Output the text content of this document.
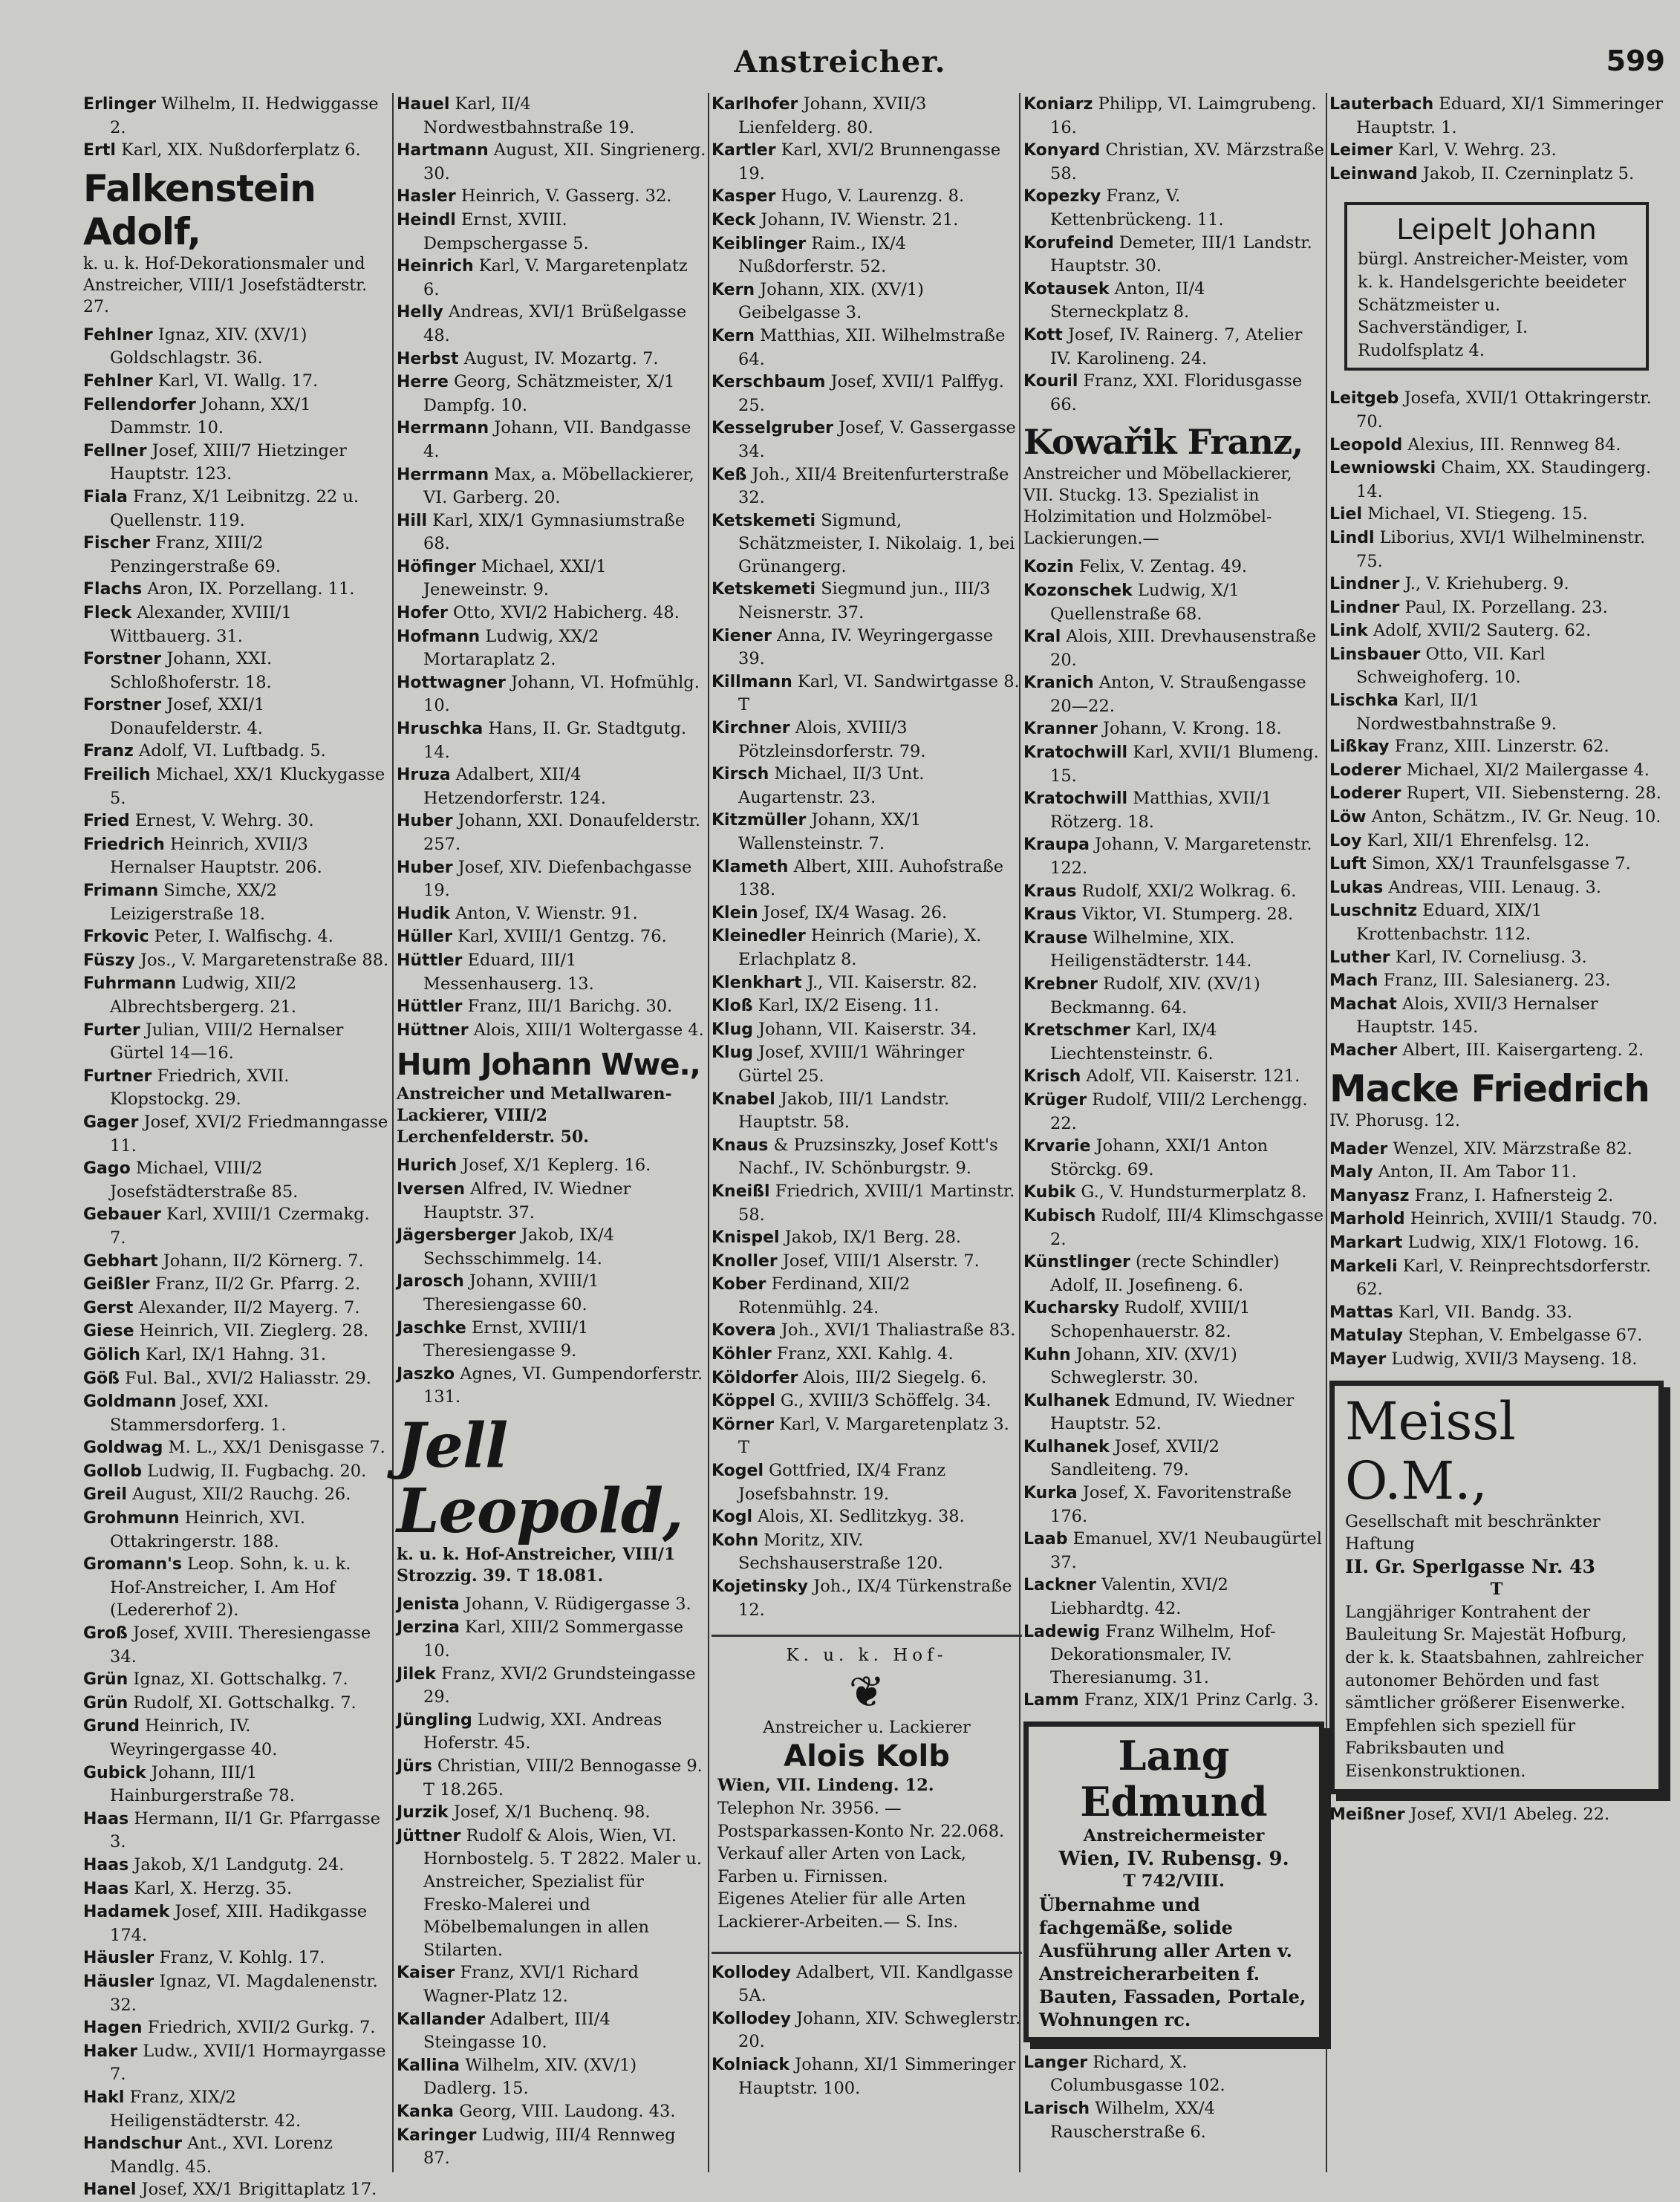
Anstreicher.	599
Erlinger Wilhelm, II. Hedwiggasse 2.
Ertl Karl, XIX. Nußdorferplatz 6.
Falkenstein Adolf,
k. u. k. Hof-Dekorationsmaler und Anstreicher, VIII/1 Josefstädterstr. 27.
Fehlner Ignaz, XIV. (XV/1) Goldschlagstr. 36.
Fehlner Karl, VI. Wallg. 17.
Fellendorfer Johann, XX/1 Dammstr. 10.
Fellner Josef, XIII/7 Hietzinger Hauptstr. 123.
Fiala Franz, X/1 Leibnitzg. 22 u. Quellenstr. 119.
Fischer Franz, XIII/2 Penzingerstraße 69.
Flachs Aron, IX. Porzellang. 11.
Fleck Alexander, XVIII/1 Wittbauerg. 31.
Forstner Johann, XXI. Schloßhoferstr. 18.
Forstner Josef, XXI/1 Donaufelderstr. 4.
Franz Adolf, VI. Luftbadg. 5.
Freilich Michael, XX/1 Kluckygasse 5.
Fried Ernest, V. Wehrg. 30.
Friedrich Heinrich, XVII/3 Hernalser Hauptstr. 206.
Frimann Simche, XX/2 Leizigerstraße 18.
Frkovic Peter, I. Walfischg. 4.
Füszy Jos., V. Margaretenstraße 88.
Fuhrmann Ludwig, XII/2 Albrechtsbergerg. 21.
Furter Julian, VIII/2 Hernalser Gürtel 14—16.
Furtner Friedrich, XVII. Klopstockg. 29.
Gager Josef, XVI/2 Friedmanngasse 11.
Gago Michael, VIII/2 Josefstädterstraße 85.
Gebauer Karl, XVIII/1 Czermakg. 7.
Gebhart Johann, II/2 Körnerg. 7.
Geißler Franz, II/2 Gr. Pfarrg. 2.
Gerst Alexander, II/2 Mayerg. 7.
Giese Heinrich, VII. Zieglerg. 28.
Gölich Karl, IX/1 Hahng. 31.
Göß Ful. Bal., XVI/2 Haliasstr. 29.
Goldmann Josef, XXI. Stammersdorferg. 1.
Goldwag M. L., XX/1 Denisgasse 7.
Gollob Ludwig, II. Fugbachg. 20.
Greil August, XII/2 Rauchg. 26.
Grohmunn Heinrich, XVI. Ottakringerstr. 188.
Gromann's Leop. Sohn, k. u. k. Hof-Anstreicher, I. Am Hof (Ledererhof 2).
Groß Josef, XVIII. Theresiengasse 34.
Grün Ignaz, XI. Gottschalkg. 7.
Grün Rudolf, XI. Gottschalkg. 7.
Grund Heinrich, IV. Weyringergasse 40.
Gubick Johann, III/1 Hainburgerstraße 78.
Haas Hermann, II/1 Gr. Pfarrgasse 3.
Haas Jakob, X/1 Landgutg. 24.
Haas Karl, X. Herzg. 35.
Hadamek Josef, XIII. Hadikgasse 174.
Häusler Franz, V. Kohlg. 17.
Häusler Ignaz, VI. Magdalenenstr. 32.
Hagen Friedrich, XVII/2 Gurkg. 7.
Haker Ludw., XVII/1 Hormayrgasse 7.
Hakl Franz, XIX/2 Heiligenstädterstr. 42.
Handschur Ant., XVI. Lorenz Mandlg. 45.
Hanel Josef, XX/1 Brigittaplatz 17.
Hauel Karl, II/4 Nordwestbahnstraße 19.
Hartmann August, XII. Singrienerg. 30.
Hasler Heinrich, V. Gasserg. 32.
Heindl Ernst, XVIII. Dempschergasse 5.
Heinrich Karl, V. Margaretenplatz 6.
Helly Andreas, XVI/1 Brüßelgasse 48.
Herbst August, IV. Mozartg. 7.
Herre Georg, Schätzmeister, X/1 Dampfg. 10.
Herrmann Johann, VII. Bandgasse 4.
Herrmann Max, a. Möbellackierer, VI. Garberg. 20.
Hill Karl, XIX/1 Gymnasiumstraße 68.
Höfinger Michael, XXI/1 Jeneweinstr. 9.
Hofer Otto, XVI/2 Habicherg. 48.
Hofmann Ludwig, XX/2 Mortaraplatz 2.
Hottwagner Johann, VI. Hofmühlg. 10.
Hruschka Hans, II. Gr. Stadtgutg. 14.
Hruza Adalbert, XII/4 Hetzendorferstr. 124.
Huber Johann, XXI. Donaufelderstr. 257.
Huber Josef, XIV. Diefenbachgasse 19.
Hudik Anton, V. Wienstr. 91.
Hüller Karl, XVIII/1 Gentzg. 76.
Hüttler Eduard, III/1 Messenhauserg. 13.
Hüttler Franz, III/1 Barichg. 30.
Hüttner Alois, XIII/1 Woltergasse 4.
Hum Johann Wwe.,
Anstreicher und Metallwaren-Lackierer, VIII/2 Lerchenfelderstr. 50.
Hurich Josef, X/1 Keplerg. 16.
Iversen Alfred, IV. Wiedner Hauptstr. 37.
Jägersberger Jakob, IX/4 Sechsschimmelg. 14.
Jarosch Johann, XVIII/1 Theresiengasse 60.
Jaschke Ernst, XVIII/1 Theresiengasse 9.
Jaszko Agnes, VI. Gumpendorferstr. 131.
Jell Leopold,
k. u. k. Hof-Anstreicher, VIII/1 Strozzig. 39. T 18.081.
Jenista Johann, V. Rüdigergasse 3.
Jerzina Karl, XIII/2 Sommergasse 10.
Jilek Franz, XVI/2 Grundsteingasse 29.
Jüngling Ludwig, XXI. Andreas Hoferstr. 45.
Jürs Christian, VIII/2 Bennogasse 9. T 18.265.
Jurzik Josef, X/1 Buchenq. 98.
Jüttner Rudolf & Alois, Wien, VI. Hornbostelg. 5. T 2822. Maler u. Anstreicher, Spezialist für Fresko-Malerei und Möbelbemalungen in allen Stilarten.
Kaiser Franz, XVI/1 Richard Wagner-Platz 12.
Kallander Adalbert, III/4 Steingasse 10.
Kallina Wilhelm, XIV. (XV/1) Dadlerg. 15.
Kanka Georg, VIII. Laudong. 43.
Karinger Ludwig, III/4 Rennweg 87.
Karlhofer Johann, XVII/3 Lienfelderg. 80.
Kartler Karl, XVI/2 Brunnengasse 19.
Kasper Hugo, V. Laurenzg. 8.
Keck Johann, IV. Wienstr. 21.
Keiblinger Raim., IX/4 Nußdorferstr. 52.
Kern Johann, XIX. (XV/1) Geibelgasse 3.
Kern Matthias, XII. Wilhelmstraße 64.
Kerschbaum Josef, XVII/1 Palffyg. 25.
Kesselgruber Josef, V. Gassergasse 34.
Keß Joh., XII/4 Breitenfurterstraße 32.
Ketskemeti Sigmund, Schätzmeister, I. Nikolaig. 1, bei Grünangerg.
Ketskemeti Siegmund jun., III/3 Neisnerstr. 37.
Kiener Anna, IV. Weyringergasse 39.
Killmann Karl, VI. Sandwirtgasse 8. T
Kirchner Alois, XVIII/3 Pötzleinsdorferstr. 79.
Kirsch Michael, II/3 Unt. Augartenstr. 23.
Kitzmüller Johann, XX/1 Wallensteinstr. 7.
Klameth Albert, XIII. Auhofstraße 138.
Klein Josef, IX/4 Wasag. 26.
Kleinedler Heinrich (Marie), X. Erlachplatz 8.
Klenkhart J., VII. Kaiserstr. 82.
Kloß Karl, IX/2 Eiseng. 11.
Klug Johann, VII. Kaiserstr. 34.
Klug Josef, XVIII/1 Währinger Gürtel 25.
Knabel Jakob, III/1 Landstr. Hauptstr. 58.
Knaus & Pruzsinszky, Josef Kott's Nachf., IV. Schönburgstr. 9.
Kneißl Friedrich, XVIII/1 Martinstr. 58.
Knispel Jakob, IX/1 Berg. 28.
Knoller Josef, VIII/1 Alserstr. 7.
Kober Ferdinand, XII/2 Rotenmühlg. 24.
Kovera Joh., XVI/1 Thaliastraße 83.
Köhler Franz, XXI. Kahlg. 4.
Köldorfer Alois, III/2 Siegelg. 6.
Köppel G., XVIII/3 Schöffelg. 34.
Körner Karl, V. Margaretenplatz 3. T
Kogel Gottfried, IX/4 Franz Josefsbahnstr. 19.
Kogl Alois, XI. Sedlitzkyg. 38.
Kohn Moritz, XIV. Sechshauserstraße 120.
Kojetinsky Joh., IX/4 Türkenstraße 12.
K. u. k. Hof-
❦
Anstreicher u. Lackierer
Alois Kolb
Wien, VII. Lindeng. 12.
Telephon Nr. 3956. — Postsparkassen-Konto Nr. 22.068.
Verkauf aller Arten von Lack, Farben u. Firnissen.
Eigenes Atelier für alle Arten Lackierer-Arbeiten.— S. Ins.
Kollodey Adalbert, VII. Kandlgasse 5A.
Kollodey Johann, XIV. Schweglerstr. 20.
Kolniack Johann, XI/1 Simmeringer Hauptstr. 100.
Koniarz Philipp, VI. Laimgrubeng. 16.
Konyard Christian, XV. Märzstraße 58.
Kopezky Franz, V. Kettenbrückeng. 11.
Korufeind Demeter, III/1 Landstr. Hauptstr. 30.
Kotausek Anton, II/4 Sterneckplatz 8.
Kott Josef, IV. Rainerg. 7, Atelier IV. Karolineng. 24.
Kouril Franz, XXI. Floridusgasse 66.
Kowařik Franz,
Anstreicher und Möbellackierer, VII. Stuckg. 13. Spezialist in Holzimitation und Holzmöbel-Lackierungen.—
Kozin Felix, V. Zentag. 49.
Kozonschek Ludwig, X/1 Quellenstraße 68.
Kral Alois, XIII. Drevhausenstraße 20.
Kranich Anton, V. Straußengasse 20—22.
Kranner Johann, V. Krong. 18.
Kratochwill Karl, XVII/1 Blumeng. 15.
Kratochwill Matthias, XVII/1 Rötzerg. 18.
Kraupa Johann, V. Margaretenstr. 122.
Kraus Rudolf, XXI/2 Wolkrag. 6.
Kraus Viktor, VI. Stumperg. 28.
Krause Wilhelmine, XIX. Heiligenstädterstr. 144.
Krebner Rudolf, XIV. (XV/1) Beckmanng. 64.
Kretschmer Karl, IX/4 Liechtensteinstr. 6.
Krisch Adolf, VII. Kaiserstr. 121.
Krüger Rudolf, VIII/2 Lerchengg. 22.
Krvarie Johann, XXI/1 Anton Störckg. 69.
Kubik G., V. Hundsturmerplatz 8.
Kubisch Rudolf, III/4 Klimschgasse 2.
Künstlinger (recte Schindler) Adolf, II. Josefineng. 6.
Kucharsky Rudolf, XVIII/1 Schopenhauerstr. 82.
Kuhn Johann, XIV. (XV/1) Schweglerstr. 30.
Kulhanek Edmund, IV. Wiedner Hauptstr. 52.
Kulhanek Josef, XVII/2 Sandleiteng. 79.
Kurka Josef, X. Favoritenstraße 176.
Laab Emanuel, XV/1 Neubaugürtel 37.
Lackner Valentin, XVI/2 Liebhardtg. 42.
Ladewig Franz Wilhelm, Hof-Dekorationsmaler, IV. Theresianumg. 31.
Lamm Franz, XIX/1 Prinz Carlg. 3.
Lang Edmund
Anstreichermeister
Wien, IV. Rubensg. 9.
T 742/VIII.
Übernahme und fachgemäße, solide Ausführung aller Arten v. Anstreicherarbeiten f. Bauten, Fassaden, Portale, Wohnungen rc.
Langer Richard, X. Columbusgasse 102.
Larisch Wilhelm, XX/4 Rauscherstraße 6.
Lauterbach Eduard, XI/1 Simmeringer Hauptstr. 1.
Leimer Karl, V. Wehrg. 23.
Leinwand Jakob, II. Czerninplatz 5.
Leipelt Johann
bürgl. Anstreicher-Meister, vom k. k. Handelsgerichte beeideter Schätzmeister u. Sachverständiger, I. Rudolfsplatz 4.
Leitgeb Josefa, XVII/1 Ottakringerstr. 70.
Leopold Alexius, III. Rennweg 84.
Lewniowski Chaim, XX. Staudingerg. 14.
Liel Michael, VI. Stiegeng. 15.
Lindl Liborius, XVI/1 Wilhelminenstr. 75.
Lindner J., V. Kriehuberg. 9.
Lindner Paul, IX. Porzellang. 23.
Link Adolf, XVII/2 Sauterg. 62.
Linsbauer Otto, VII. Karl Schweighoferg. 10.
Lischka Karl, II/1 Nordwestbahnstraße 9.
Lißkay Franz, XIII. Linzerstr. 62.
Loderer Michael, XI/2 Mailergasse 4.
Loderer Rupert, VII. Siebensterng. 28.
Löw Anton, Schätzm., IV. Gr. Neug. 10.
Loy Karl, XII/1 Ehrenfelsg. 12.
Luft Simon, XX/1 Traunfelsgasse 7.
Lukas Andreas, VIII. Lenaug. 3.
Luschnitz Eduard, XIX/1 Krottenbachstr. 112.
Luther Karl, IV. Corneliusg. 3.
Mach Franz, III. Salesianerg. 23.
Machat Alois, XVII/3 Hernalser Hauptstr. 145.
Macher Albert, III. Kaisergarteng. 2.
Macke Friedrich
IV. Phorusg. 12.
Mader Wenzel, XIV. Märzstraße 82.
Maly Anton, II. Am Tabor 11.
Manyasz Franz, I. Hafnersteig 2.
Marhold Heinrich, XVIII/1 Staudg. 70.
Markart Ludwig, XIX/1 Flotowg. 16.
Markeli Karl, V. Reinprechtsdorferstr. 62.
Mattas Karl, VII. Bandg. 33.
Matulay Stephan, V. Embelgasse 67.
Mayer Ludwig, XVII/3 Mayseng. 18.
Meissl O.M.,
Gesellschaft mit beschränkter Haftung
II. Gr. Sperlgasse Nr. 43
T
Langjähriger Kontrahent der Bauleitung Sr. Majestät Hofburg, der k. k. Staatsbahnen, zahlreicher autonomer Behörden und fast sämtlicher größerer Eisenwerke. Empfehlen sich speziell für Fabriksbauten und Eisenkonstruktionen.
Meißner Josef, XVI/1 Abeleg. 22.
